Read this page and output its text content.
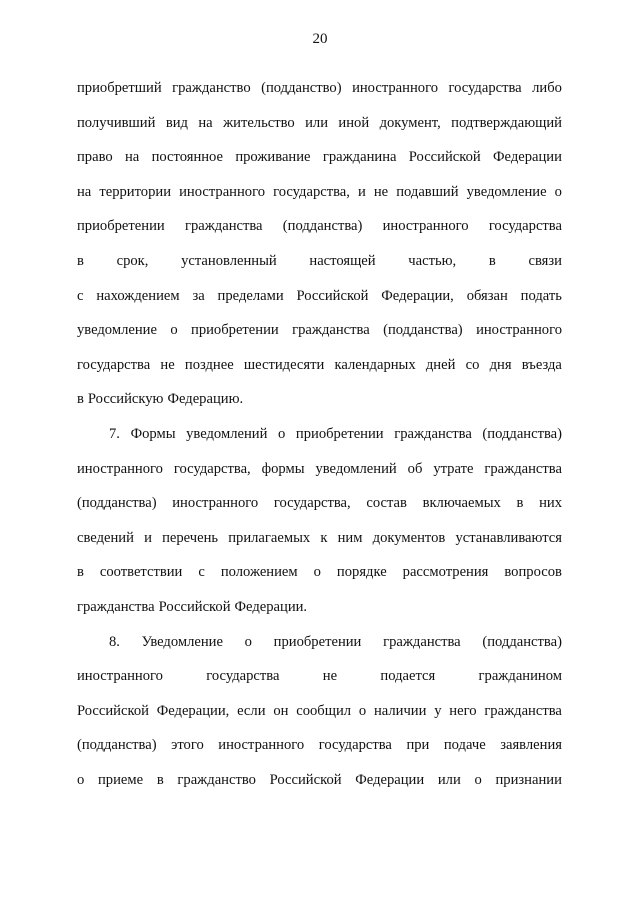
20
приобретший гражданство (подданство) иностранного государства либо
получивший вид на жительство или иной документ, подтверждающий
право на постоянное проживание гражданина Российской Федерации
на территории иностранного государства, и не подавший уведомление о
приобретении гражданства (подданства) иностранного государства
в срок, установленный настоящей частью, в связи
с нахождением за пределами Российской Федерации, обязан подать
уведомление о приобретении гражданства (подданства) иностранного
государства не позднее шестидесяти календарных дней со дня въезда
в Российскую Федерацию.
7. Формы уведомлений о приобретении гражданства (подданства)
иностранного государства, формы уведомлений об утрате гражданства
(подданства) иностранного государства, состав включаемых в них
сведений и перечень прилагаемых к ним документов устанавливаются
в соответствии с положением о порядке рассмотрения вопросов
гражданства Российской Федерации.
8. Уведомление о приобретении гражданства (подданства)
иностранного	государства	не	подается	гражданином
Российской Федерации, если он сообщил о наличии у него гражданства
(подданства) этого иностранного государства при подаче заявления
о приеме в гражданство Российской Федерации или о признании
